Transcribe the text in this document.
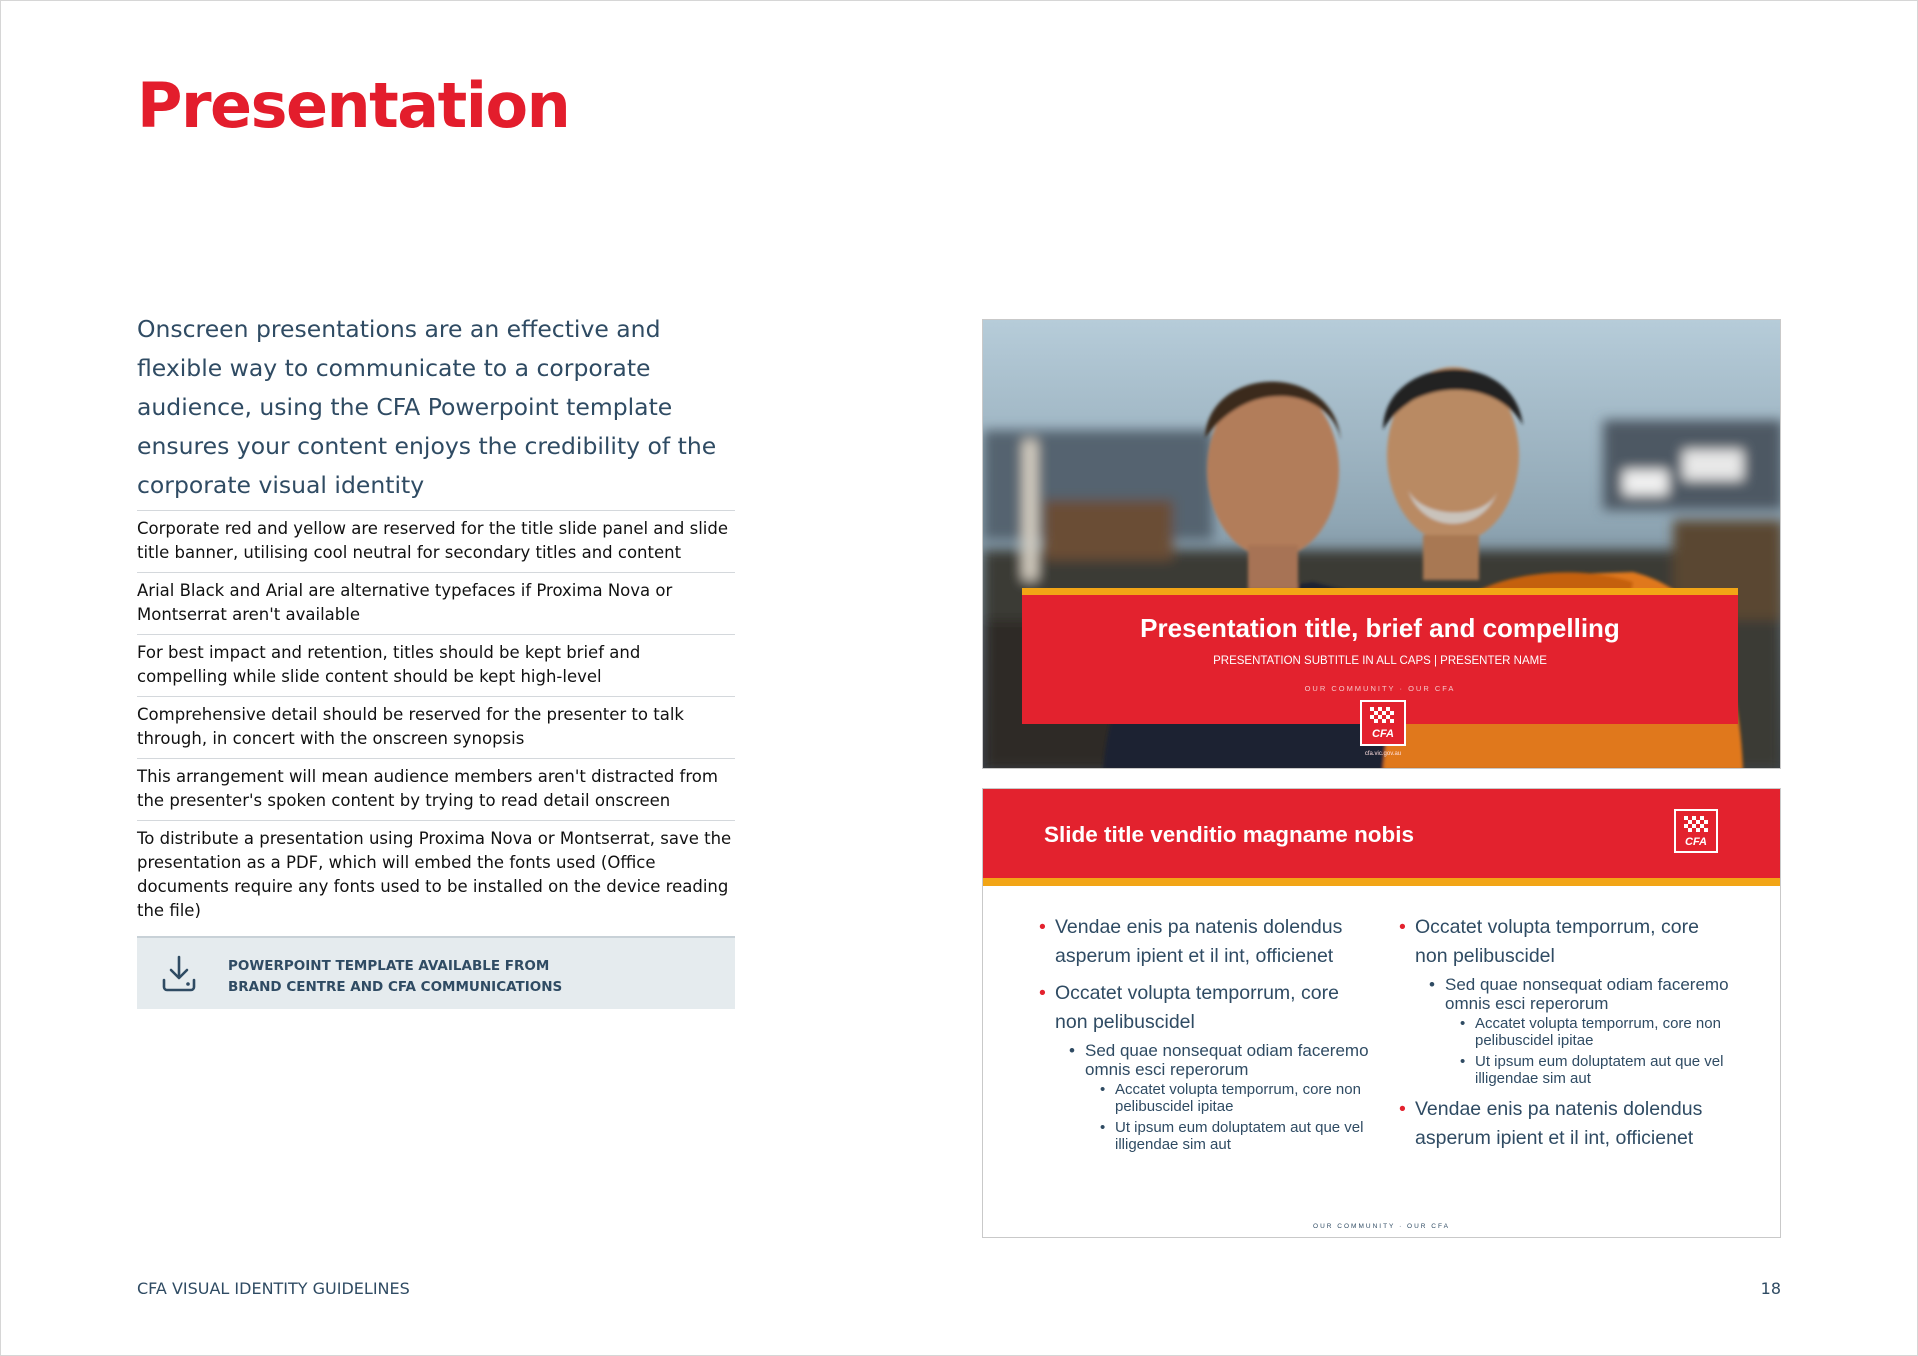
Presentation

Onscreen presentations are an effective and flexible way to communicate to a corporate audience, using the CFA Powerpoint template ensures your content enjoys the credibility of the corporate visual identity

Corporate red and yellow are reserved for the title slide panel and slide title banner, utilising cool neutral for secondary titles and content
Arial Black and Arial are alternative typefaces if Proxima Nova or Montserrat aren't available
For best impact and retention, titles should be kept brief and compelling while slide content should be kept high-level
Comprehensive detail should be reserved for the presenter to talk through, in concert with the onscreen synopsis
This arrangement will mean audience members aren't distracted from the presenter's spoken content by trying to read detail onscreen
To distribute a presentation using Proxima Nova or Montserrat, save the presentation as a PDF, which will embed the fonts used (Office documents require any fonts used to be installed on the device reading the file)
POWERPOINT TEMPLATE AVAILABLE FROM
BRAND CENTRE AND CFA COMMUNICATIONS
Presentation title, brief and compelling
PRESENTATION SUBTITLE IN ALL CAPS | PRESENTER NAME
OUR COMMUNITY · OUR CFA
CFA
cfa.vic.gov.au
Slide title venditio magname nobis	CFA
• Vendae enis pa natenis dolendus asperum ipient et il int, officienet
• Occatet volupta temporrum, core non pelibuscidel
• Sed quae nonsequat odiam faceremo omnis esci reperorum
• Accatet volupta temporrum, core non pelibuscidel ipitae
• Ut ipsum eum doluptatem aut que vel illigendae sim aut
• Occatet volupta temporrum, core non pelibuscidel
• Sed quae nonsequat odiam faceremo omnis esci reperorum
• Accatet volupta temporrum, core non pelibuscidel ipitae
• Ut ipsum eum doluptatem aut que vel illigendae sim aut
• Vendae enis pa natenis dolendus asperum ipient et il int, officienet
OUR COMMUNITY · OUR CFA
CFA VISUAL IDENTITY GUIDELINES	18
